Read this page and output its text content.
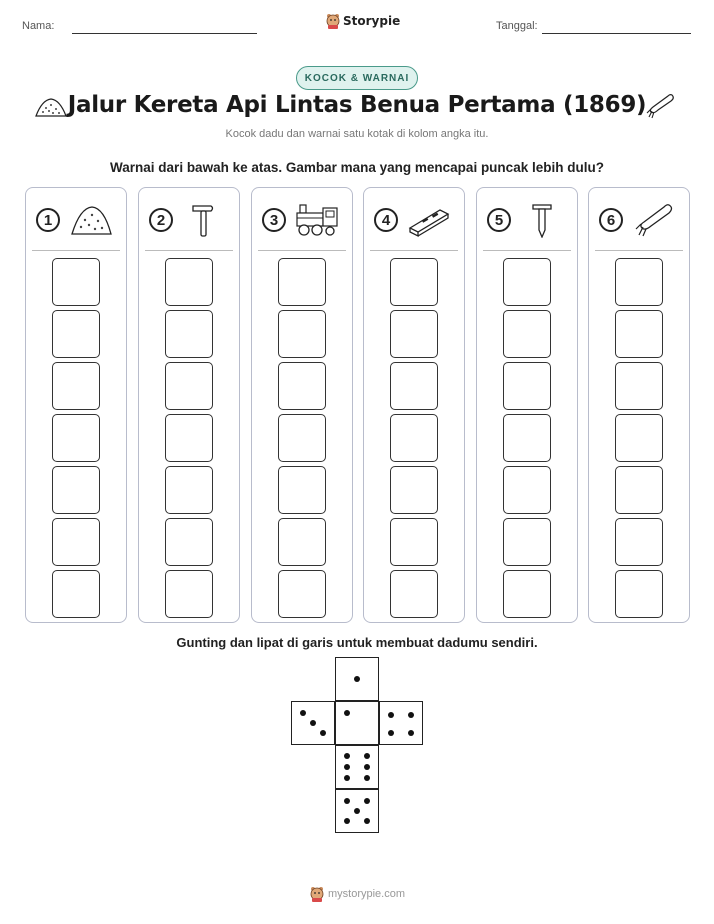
Nama:	Storypie	Tanggal:
KOCOK & WARNAI
Jalur Kereta Api Lintas Benua Pertama (1869)
Kocok dadu dan warnai satu kotak di kolom angka itu.
Warnai dari bawah ke atas. Gambar mana yang mencapai puncak lebih dulu?
1	2	3	4	5	6
Gunting dan lipat di garis untuk membuat dadumu sendiri.
mystorypie.com
